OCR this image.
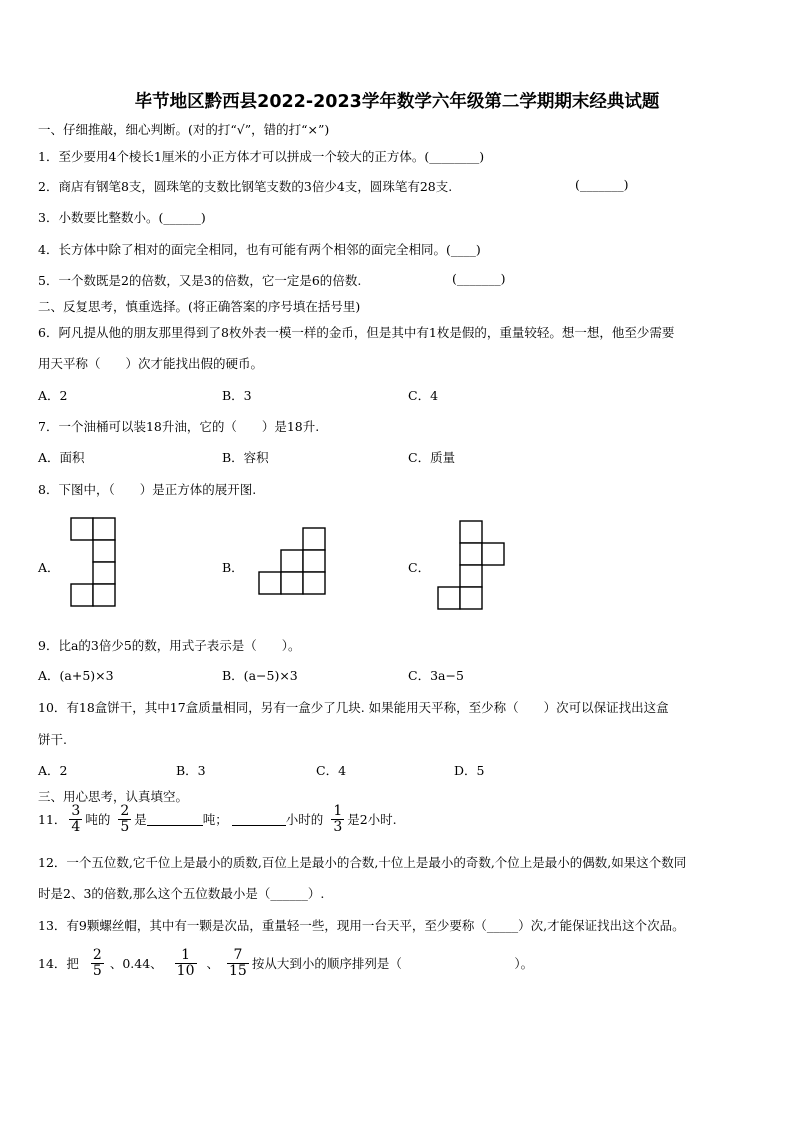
毕节地区黔西县2022-2023学年数学六年级第二学期期末经典试题
一、仔细推敲，细心判断。(对的打“√”，错的打“×”)
1．至少要用4个棱长1厘米的小正方体才可以拼成一个较大的正方体。(________)
2．商店有钢笔8支，圆珠笔的支数比钢笔支数的3倍少4支，圆珠笔有28支.	(_______)
3．小数要比整数小。(______)
4．长方体中除了相对的面完全相同，也有可能有两个相邻的面完全相同。(____)
5．一个数既是2的倍数，又是3的倍数，它一定是6的倍数.	(_______)
二、反复思考，慎重选择。(将正确答案的序号填在括号里)
6．阿凡提从他的朋友那里得到了8枚外表一模一样的金币，但是其中有1枚是假的，重量较轻。想一想，他至少需要
用天平称（　　）次才能找出假的硬币。
A．2	B．3	C．4
7．一个油桶可以装18升油，它的（　　）是18升.
A．面积	B．容积	C．质量
8．下图中，（　　）是正方体的展开图.
A．	B．	C．
9．比a的3倍少5的数，用式子表示是（　　）。
A．(a+5)×3	B．(a−5)×3	C．3a−5
10．有18盒饼干，其中17盒质量相同，另有一盒少了几块. 如果能用天平称，至少称（　　）次可以保证找出这盒
饼干.
A．2	B．3	C．4	D．5
三、用心思考，认真填空。
11． $\frac{3}{4}$ 吨的 $\frac{2}{5}$ 是	吨；	小时的 $\frac{1}{3}$ 是2小时.
12．一个五位数,它千位上是最小的质数,百位上是最小的合数,十位上是最小的奇数,个位上是最小的偶数,如果这个数同
时是2、3的倍数,那么这个五位数最小是（______）.
13．有9颗螺丝帽，其中有一颗是次品，重量轻一些，现用一台天平，至少要称（_____）次,才能保证找出这个次品。
14．把 $\frac{2}{5}$ 、0.44、 $\frac{1}{10}$ 、 $\frac{7}{15}$ 按从大到小的顺序排列是（　　　　　　　　　）。
